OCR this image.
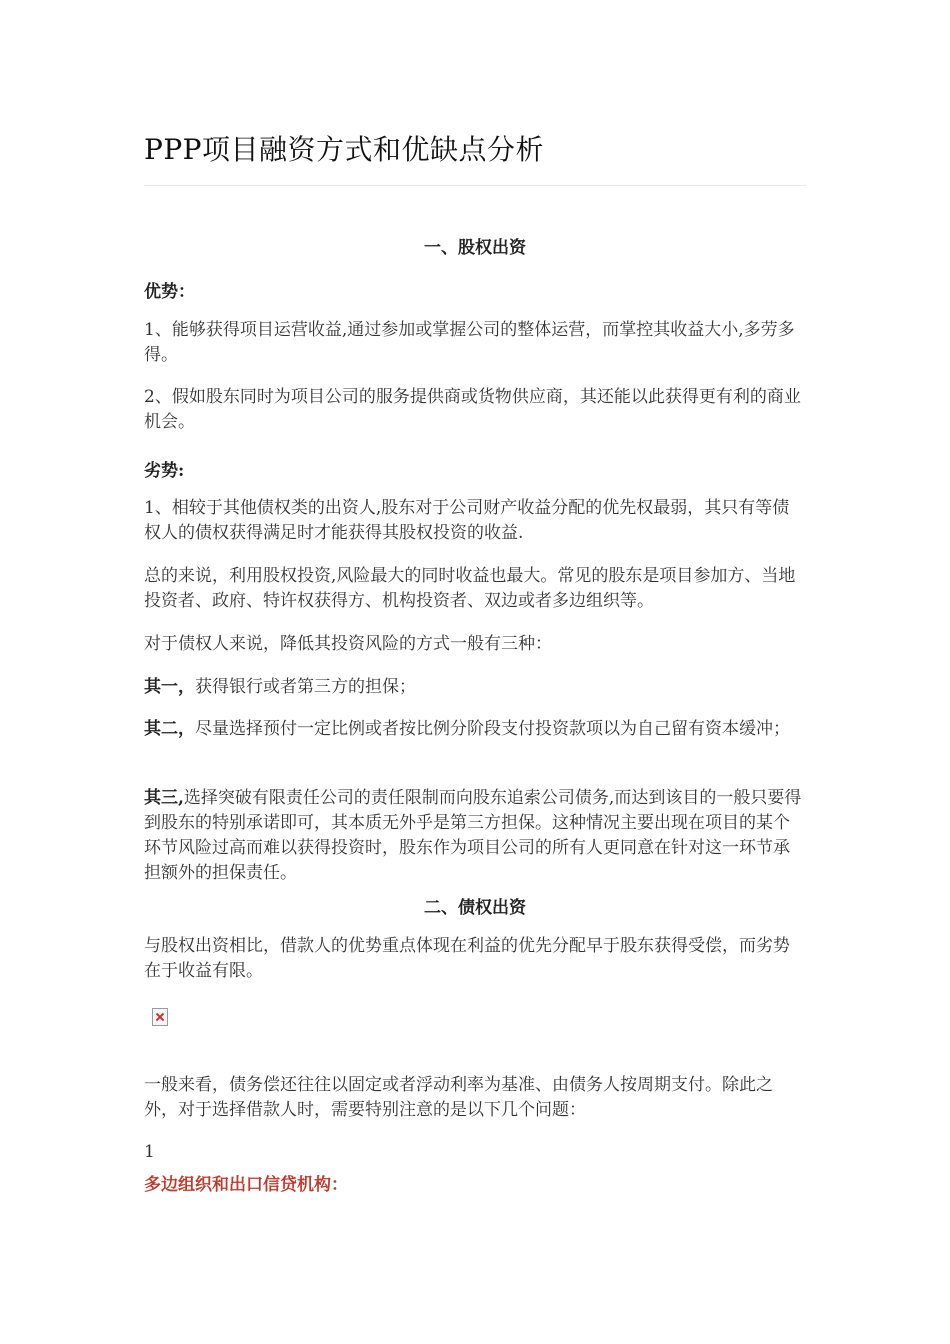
PPP项目融资方式和优缺点分析
一、股权出资

优势：

1、能够获得项目运营收益,通过参加或掌握公司的整体运营，而掌控其收益大小,多劳多得。

2、假如股东同时为项目公司的服务提供商或货物供应商，其还能以此获得更有利的商业机会。

劣势:

1、相较于其他债权类的出资人,股东对于公司财产收益分配的优先权最弱，其只有等债权人的债权获得满足时才能获得其股权投资的收益.

总的来说，利用股权投资,风险最大的同时收益也最大。常见的股东是项目参加方、当地投资者、政府、特许权获得方、机构投资者、双边或者多边组织等。

对于债权人来说，降低其投资风险的方式一般有三种：

其一，获得银行或者第三方的担保；

其二，尽量选择预付一定比例或者按比例分阶段支付投资款项以为自己留有资本缓冲；

其三,选择突破有限责任公司的责任限制而向股东追索公司债务,而达到该目的一般只要得到股东的特别承诺即可，其本质无外乎是第三方担保。这种情况主要出现在项目的某个环节风险过高而难以获得投资时，股东作为项目公司的所有人更同意在针对这一环节承担额外的担保责任。

二、债权出资

与股权出资相比，借款人的优势重点体现在利益的优先分配早于股东获得受偿，而劣势在于收益有限。

一般来看，债务偿还往往以固定或者浮动利率为基准、由债务人按周期支付。除此之外，对于选择借款人时，需要特别注意的是以下几个问题：

1

多边组织和出口信贷机构：
